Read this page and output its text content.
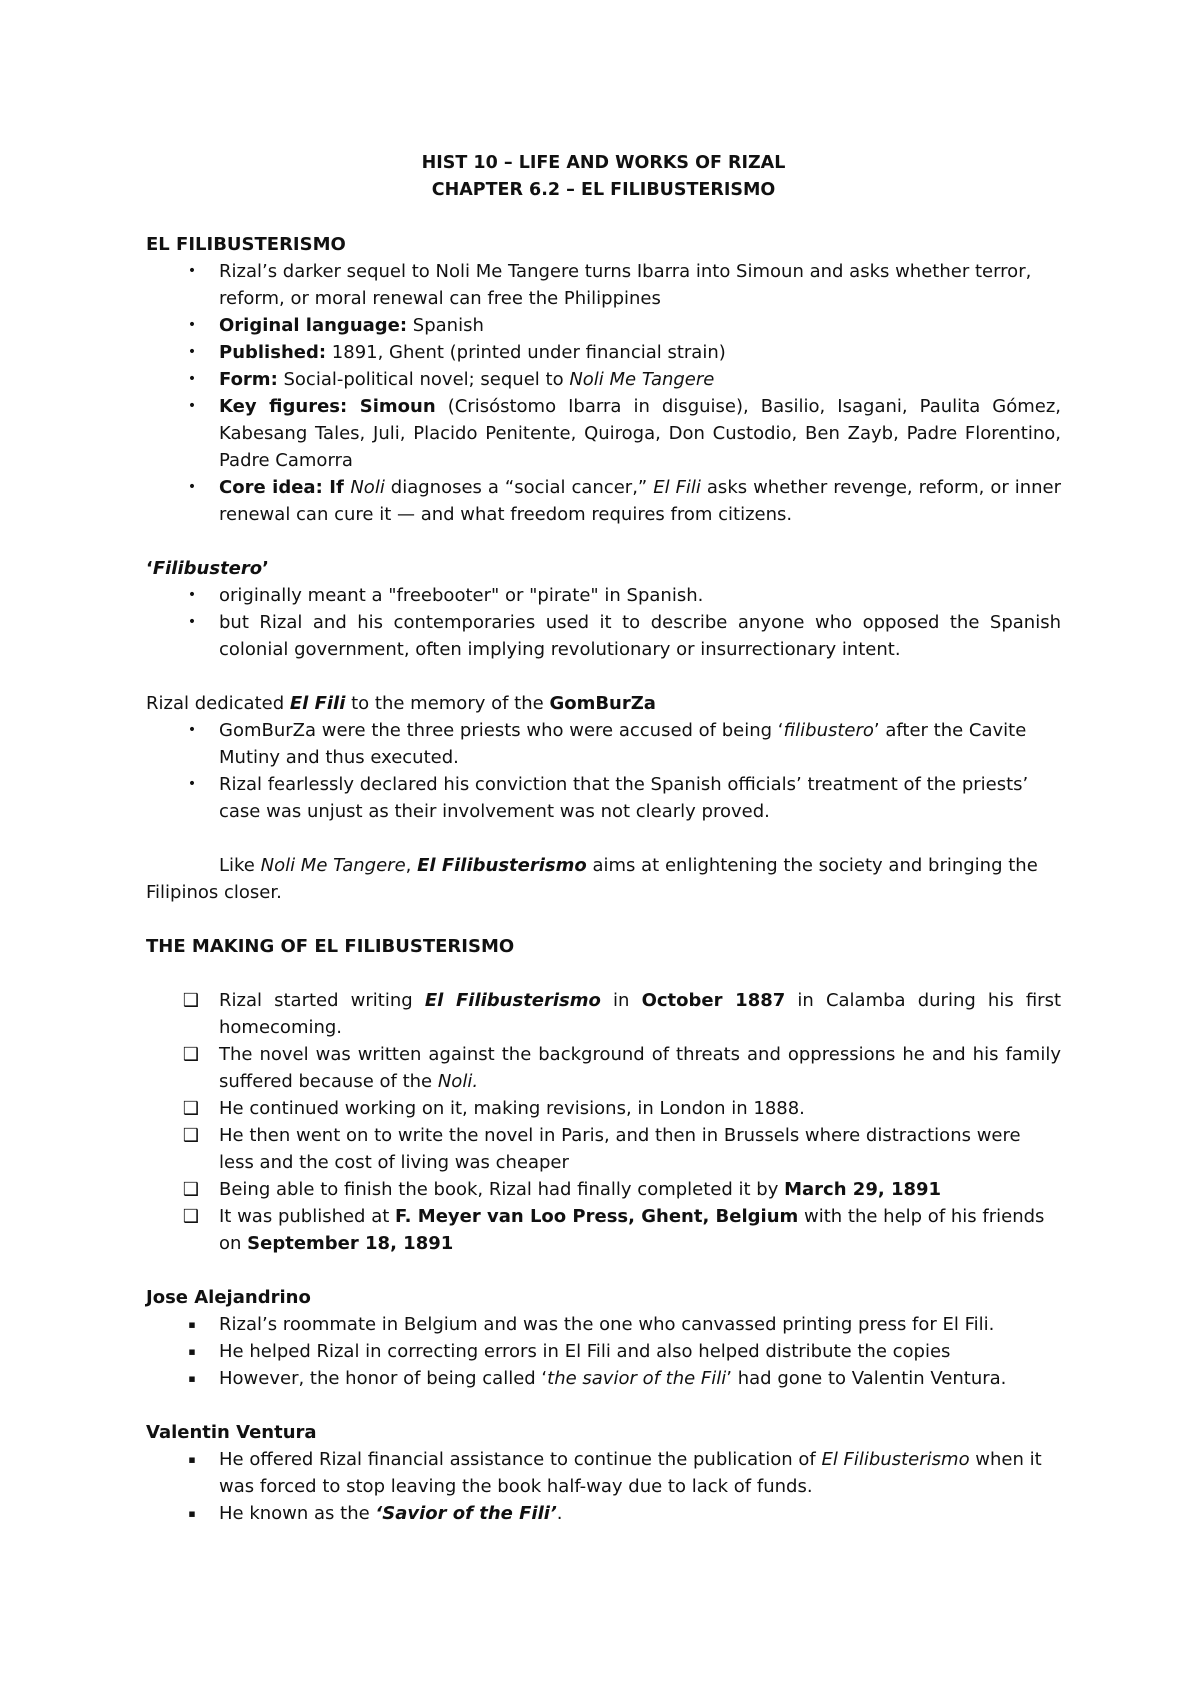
HIST 10 – LIFE AND WORKS OF RIZAL
CHAPTER 6.2 – EL FILIBUSTERISMO

EL FILIBUSTERISMO

•	Rizal’s darker sequel to Noli Me Tangere turns Ibarra into Simoun and asks whether terror, reform, or moral renewal can free the Philippines
•	Original language: Spanish
•	Published: 1891, Ghent (printed under financial strain)
•	Form: Social-political novel; sequel to Noli Me Tangere
•	Key figures: Simoun (Crisóstomo Ibarra in disguise), Basilio, Isagani, Paulita Gómez, Kabesang Tales, Juli, Placido Penitente, Quiroga, Don Custodio, Ben Zayb, Padre Florentino, Padre Camorra
•	Core idea: If Noli diagnoses a “social cancer,” El Fili asks whether revenge, reform, or inner renewal can cure it — and what freedom requires from citizens.

‘Filibustero’

•	originally meant a "freebooter" or "pirate" in Spanish.
•	but Rizal and his contemporaries used it to describe anyone who opposed the Spanish colonial government, often implying revolutionary or insurrectionary intent.

Rizal dedicated El Fili to the memory of the GomBurZa

•	GomBurZa were the three priests who were accused of being ‘filibustero’ after the Cavite Mutiny and thus executed.
•	Rizal fearlessly declared his conviction that the Spanish officials’ treatment of the priests’ case was unjust as their involvement was not clearly proved.

Like Noli Me Tangere, El Filibusterismo aims at enlightening the society and bringing the Filipinos closer.

THE MAKING OF EL FILIBUSTERISMO

❑ Rizal started writing El Filibusterismo in October 1887 in Calamba during his first homecoming.
❑ The novel was written against the background of threats and oppressions he and his family suffered because of the Noli.
❑ He continued working on it, making revisions, in London in 1888.
❑ He then went on to write the novel in Paris, and then in Brussels where distractions were less and the cost of living was cheaper
❑ Being able to finish the book, Rizal had finally completed it by March 29, 1891
❑ It was published at F. Meyer van Loo Press, Ghent, Belgium with the help of his friends on September 18, 1891

Jose Alejandrino

▪	Rizal’s roommate in Belgium and was the one who canvassed printing press for El Fili.
▪	He helped Rizal in correcting errors in El Fili and also helped distribute the copies
▪	However, the honor of being called ‘the savior of the Fili’ had gone to Valentin Ventura.

Valentin Ventura

▪	He offered Rizal financial assistance to continue the publication of El Filibusterismo when it was forced to stop leaving the book half-way due to lack of funds.
▪	He known as the ‘Savior of the Fili’.
